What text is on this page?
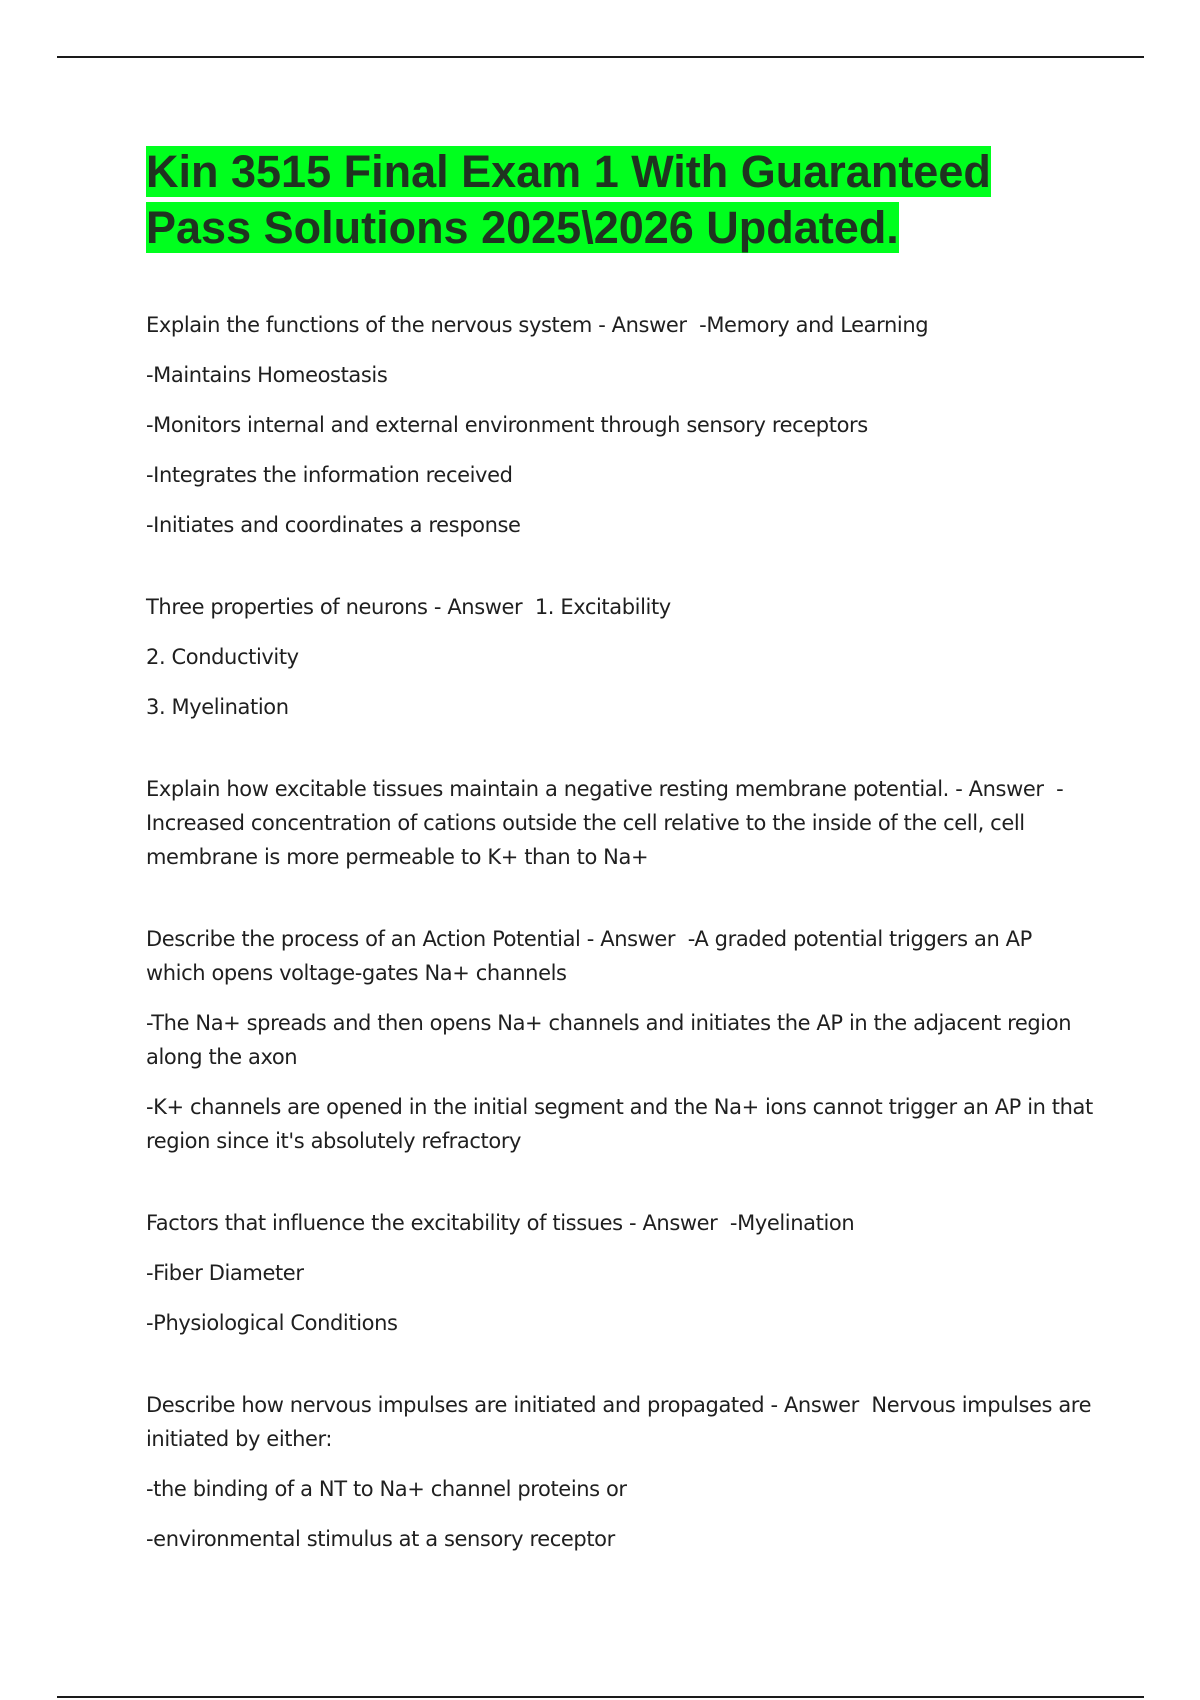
Kin 3515 Final Exam 1 With Guaranteed Pass Solutions 2025\2026 Updated.

Explain the functions of the nervous system - Answer  -Memory and Learning

-Maintains Homeostasis

-Monitors internal and external environment through sensory receptors

-Integrates the information received

-Initiates and coordinates a response

Three properties of neurons - Answer  1. Excitability

2. Conductivity

3. Myelination

Explain how excitable tissues maintain a negative resting membrane potential. - Answer  -Increased concentration of cations outside the cell relative to the inside of the cell, cell membrane is more permeable to K+ than to Na+

Describe the process of an Action Potential - Answer  -A graded potential triggers an AP which opens voltage-gates Na+ channels

-The Na+ spreads and then opens Na+ channels and initiates the AP in the adjacent region along the axon

-K+ channels are opened in the initial segment and the Na+ ions cannot trigger an AP in that region since it's absolutely refractory

Factors that influence the excitability of tissues - Answer  -Myelination

-Fiber Diameter

-Physiological Conditions

Describe how nervous impulses are initiated and propagated - Answer  Nervous impulses are initiated by either:

-the binding of a NT to Na+ channel proteins or

-environmental stimulus at a sensory receptor
